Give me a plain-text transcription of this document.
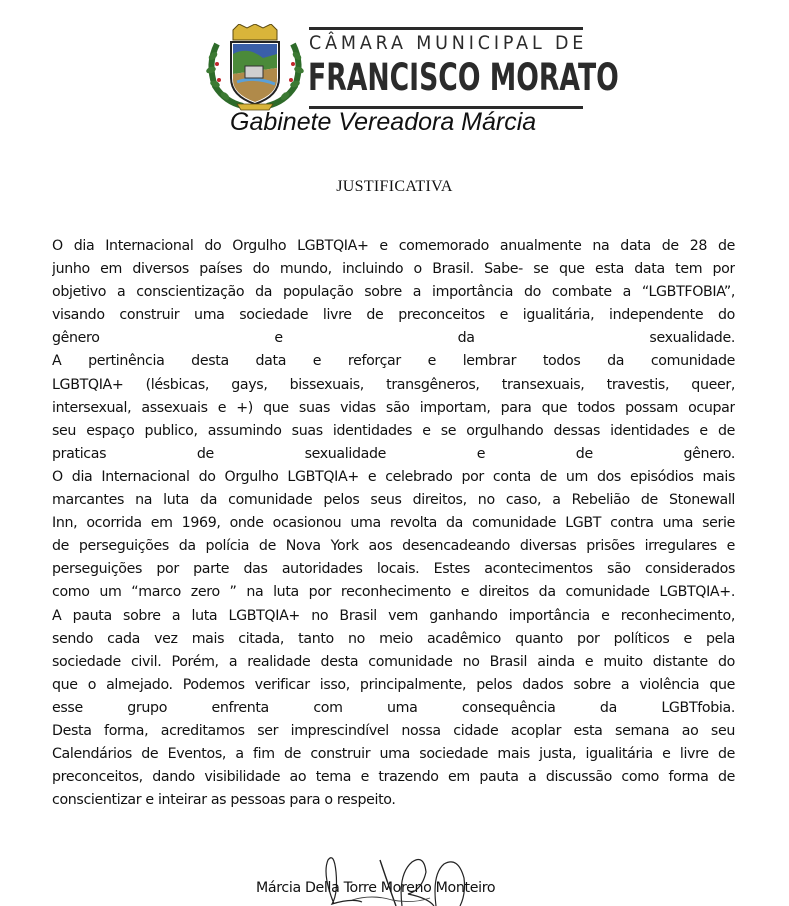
CÂMARA MUNICIPAL DE
FRANCISCO MORATO
Gabinete Vereadora Márcia
JUSTIFICATIVA
O dia Internacional do Orgulho LGBTQIA+ e comemorado anualmente na data de 28 de
junho em diversos países do mundo, incluindo o Brasil. Sabe- se que esta data tem por
objetivo a conscientização da população sobre a importância do combate a “LGBTFOBIA”,
visando construir uma sociedade livre de preconceitos e igualitária, independente do
gênero e da sexualidade.
A pertinência desta data e reforçar e lembrar todos da comunidade
LGBTQIA+ (lésbicas, gays, bissexuais, transgêneros, transexuais, travestis, queer,
intersexual, assexuais e +) que suas vidas são importam, para que todos possam ocupar
seu espaço publico, assumindo suas identidades e se orgulhando dessas identidades e de
praticas de sexualidade e de gênero.
O dia Internacional do Orgulho LGBTQIA+ e celebrado por conta de um dos episódios mais
marcantes na luta da comunidade pelos seus direitos, no caso, a Rebelião de Stonewall
Inn, ocorrida em 1969, onde ocasionou uma revolta da comunidade LGBT contra uma serie
de perseguições da polícia de Nova York aos desencadeando diversas prisões irregulares e
perseguições por parte das autoridades locais. Estes acontecimentos são considerados
como um “marco zero ” na luta por reconhecimento e direitos da comunidade LGBTQIA+.
A pauta sobre a luta LGBTQIA+ no Brasil vem ganhando importância e reconhecimento,
sendo cada vez mais citada, tanto no meio acadêmico quanto por políticos e pela
sociedade civil. Porém, a realidade desta comunidade no Brasil ainda e muito distante do
que o almejado. Podemos verificar isso, principalmente, pelos dados sobre a violência que
esse grupo enfrenta com uma consequência da LGBTfobia.
Desta forma, acreditamos ser imprescindível nossa cidade acoplar esta semana ao seu
Calendários de Eventos, a fim de construir uma sociedade mais justa, igualitária e livre de
preconceitos, dando visibilidade ao tema e trazendo em pauta a discussão como forma de
conscientizar e inteirar as pessoas para o respeito.
Márcia Della Torre Moreno Monteiro
